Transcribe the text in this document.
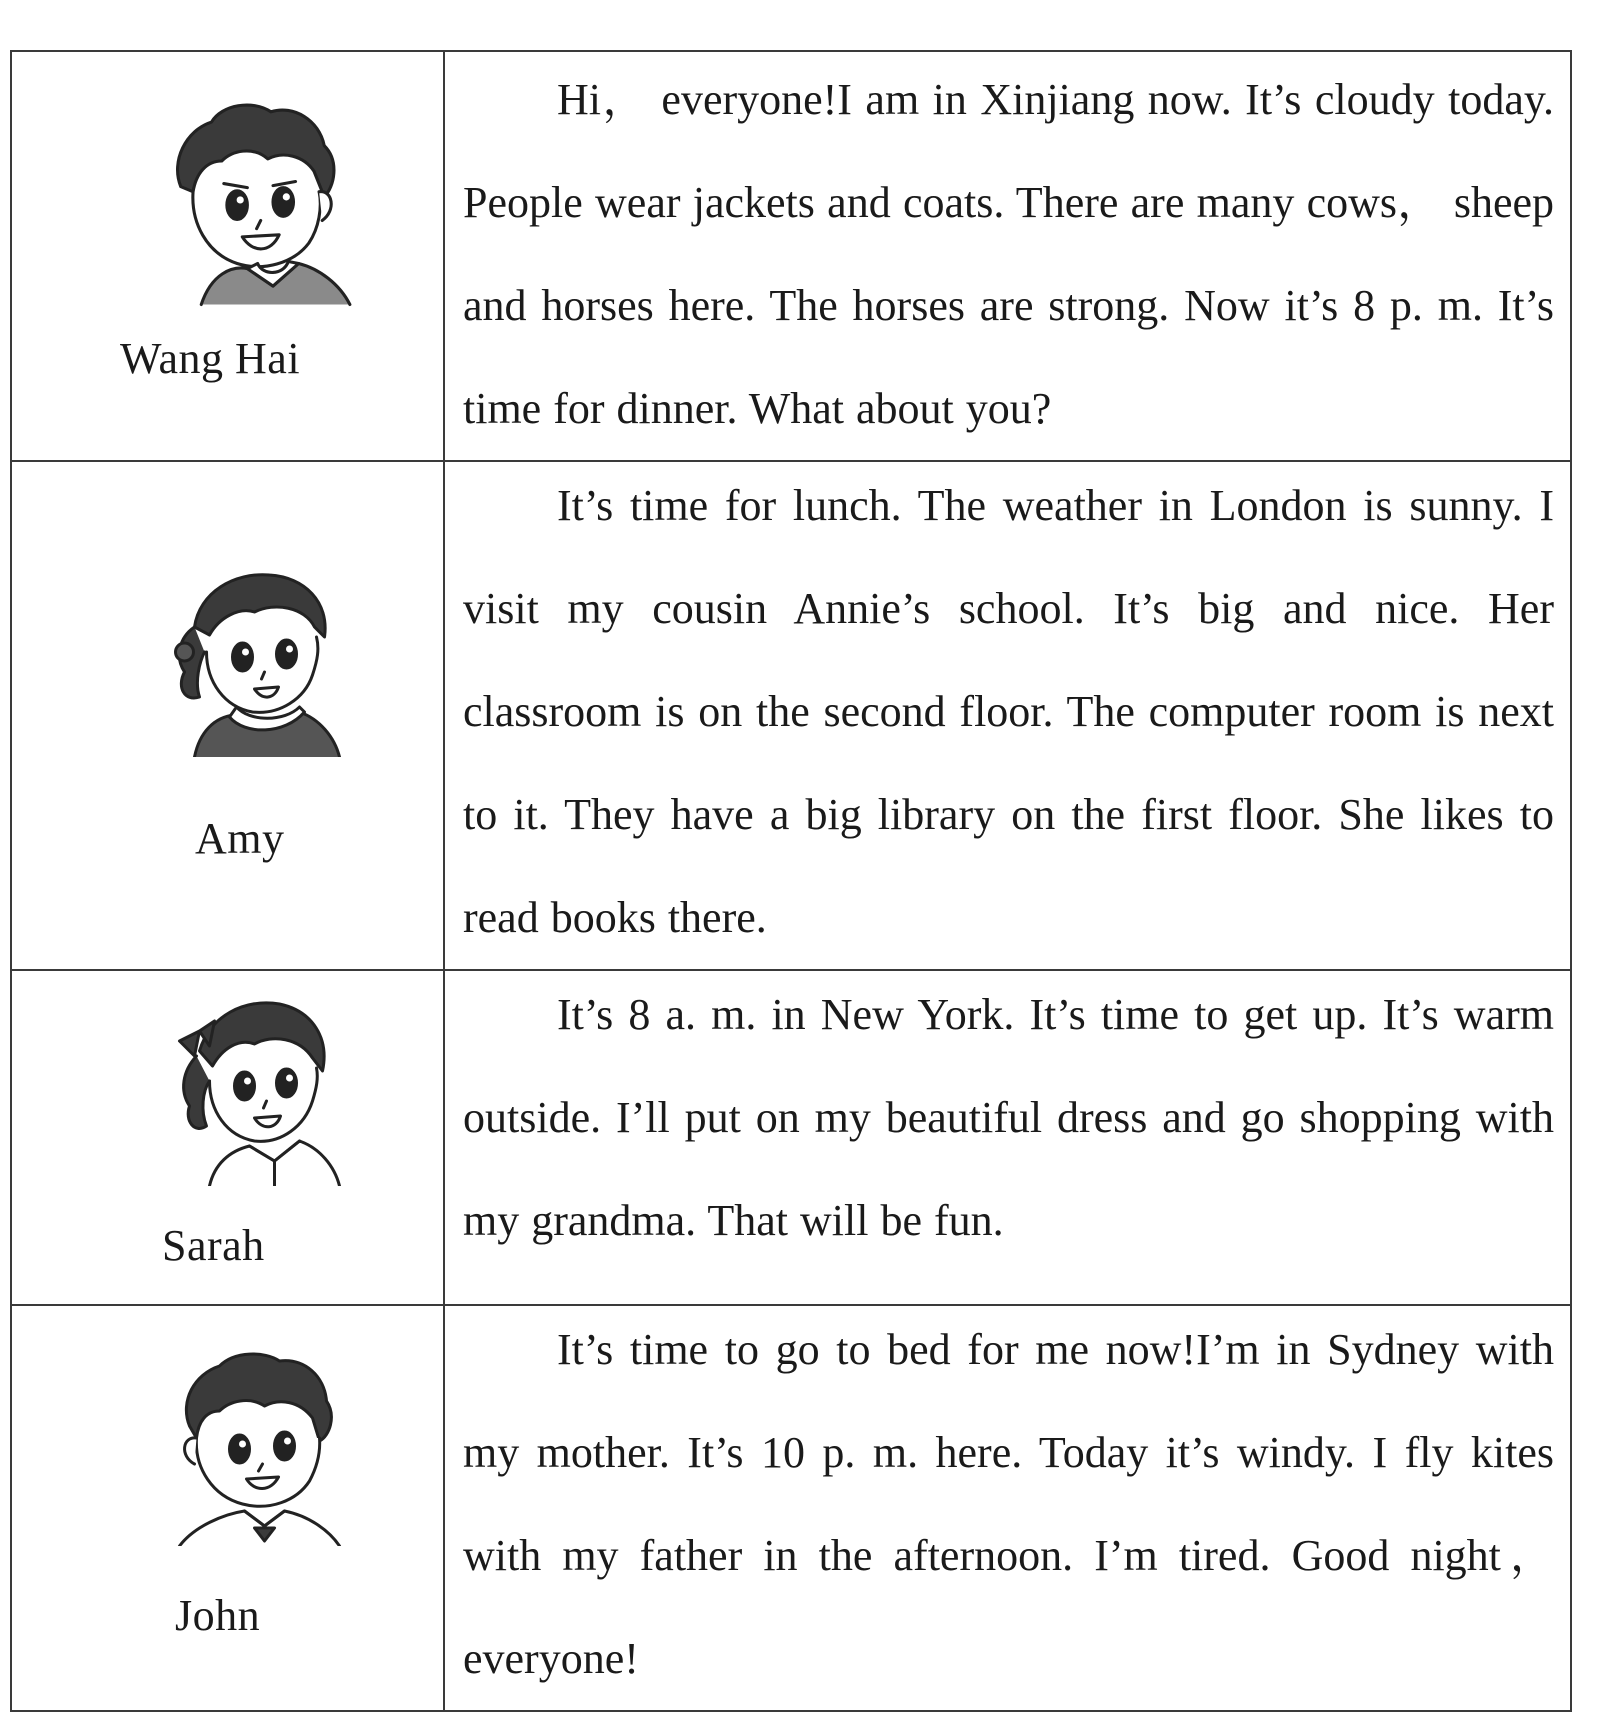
Wang Hai	Hi， everyone!I am in Xinjiang now. It’s cloudy today. People wear jackets and coats. There are many cows， sheep and horses here. The horses are strong. Now it’s 8 p. m. It’s time for dinner. What about you?

Amy	It’s time for lunch. The weather in London is sunny. I visit my cousin Annie’s school. It’s big and nice. Her classroom is on the second floor. The computer room is next to it. They have a big library on the first floor. She likes to read books there.

Sarah	It’s 8 a. m. in New York. It’s time to get up. It’s warm outside. I’ll put on my beautiful dress and go shopping with my grandma. That will be fun.

John	It’s time to go to bed for me now!I’m in Sydney with my mother. It’s 10 p. m. here. Today it’s windy. I fly kites with my father in the afternoon. I’m tired. Good night， everyone!
